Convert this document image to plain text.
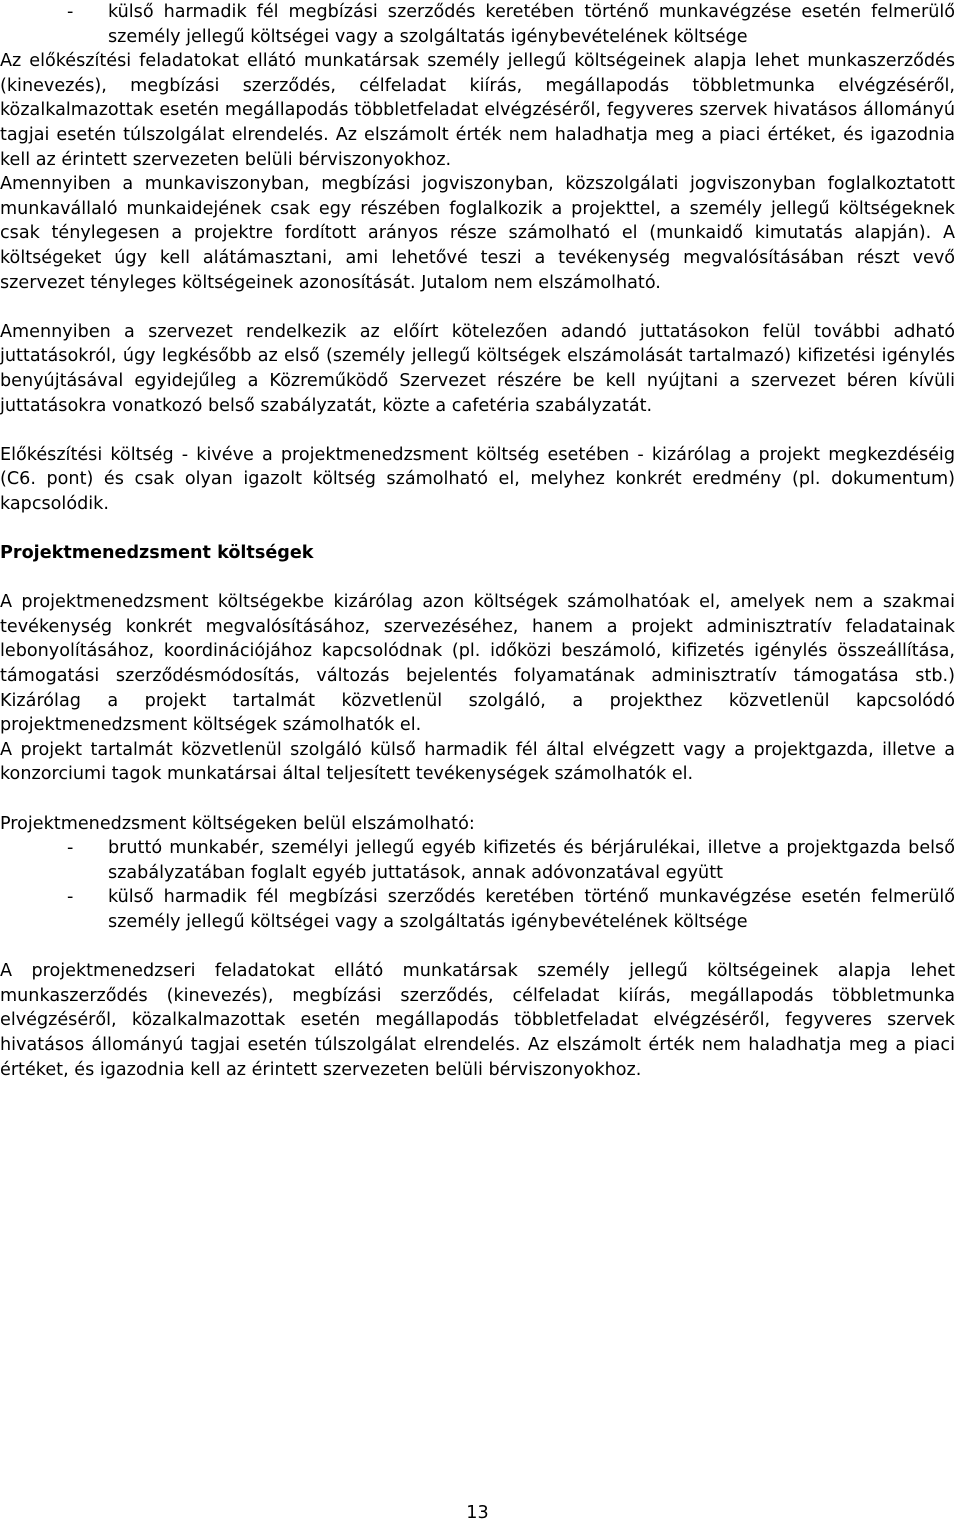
-	külső harmadik fél megbízási szerződés keretében történő munkavégzése esetén felmerülő személy jellegű költségei vagy a szolgáltatás igénybevételének költsége

Az előkészítési feladatokat ellátó munkatársak személy jellegű költségeinek alapja lehet munkaszerződés (kinevezés), megbízási szerződés, célfeladat kiírás, megállapodás többletmunka elvégzéséről, közalkalmazottak esetén megállapodás többletfeladat elvégzéséről, fegyveres szervek hivatásos állományú tagjai esetén túlszolgálat elrendelés. Az elszámolt érték nem haladhatja meg a piaci értéket, és igazodnia kell az érintett szervezeten belüli bérviszonyokhoz.

Amennyiben a munkaviszonyban, megbízási jogviszonyban, közszolgálati jogviszonyban foglalkoztatott munkavállaló munkaidejének csak egy részében foglalkozik a projekttel, a személy jellegű költségeknek csak ténylegesen a projektre fordított arányos része számolható el (munkaidő kimutatás alapján). A költségeket úgy kell alátámasztani, ami lehetővé teszi a tevékenység megvalósításában részt vevő szervezet tényleges költségeinek azonosítását. Jutalom nem elszámolható.

Amennyiben a szervezet rendelkezik az előírt kötelezően adandó juttatásokon felül további adható juttatásokról, úgy legkésőbb az első (személy jellegű költségek elszámolását tartalmazó) kifizetési igénylés benyújtásával egyidejűleg a Közreműködő Szervezet részére be kell nyújtani a szervezet béren kívüli juttatásokra vonatkozó belső szabályzatát, közte a cafetéria szabályzatát.

Előkészítési költség - kivéve a projektmenedzsment költség esetében - kizárólag a projekt megkezdéséig (C6. pont) és csak olyan igazolt költség számolható el, melyhez konkrét eredmény (pl. dokumentum) kapcsolódik.

Projektmenedzsment költségek

A projektmenedzsment költségekbe kizárólag azon költségek számolhatóak el, amelyek nem a szakmai tevékenység konkrét megvalósításához, szervezéséhez, hanem a projekt adminisztratív feladatainak lebonyolításához, koordinációjához kapcsolódnak (pl. időközi beszámoló, kifizetés igénylés összeállítása, támogatási szerződésmódosítás, változás bejelentés folyamatának adminisztratív támogatása stb.) Kizárólag a projekt tartalmát közvetlenül szolgáló, a projekthez közvetlenül kapcsolódó projektmenedzsment költségek számolhatók el.

A projekt tartalmát közvetlenül szolgáló külső harmadik fél által elvégzett vagy a projektgazda, illetve a konzorciumi tagok munkatársai által teljesített tevékenységek számolhatók el.

Projektmenedzsment költségeken belül elszámolható:

-	bruttó munkabér, személyi jellegű egyéb kifizetés és bérjárulékai, illetve a projektgazda belső szabályzatában foglalt egyéb juttatások, annak adóvonzatával együtt
-	külső harmadik fél megbízási szerződés keretében történő munkavégzése esetén felmerülő személy jellegű költségei vagy a szolgáltatás igénybevételének költsége

A projektmenedzseri feladatokat ellátó munkatársak személy jellegű költségeinek alapja lehet munkaszerződés (kinevezés), megbízási szerződés, célfeladat kiírás, megállapodás többletmunka elvégzéséről, közalkalmazottak esetén megállapodás többletfeladat elvégzéséről, fegyveres szervek hivatásos állományú tagjai esetén túlszolgálat elrendelés. Az elszámolt érték nem haladhatja meg a piaci értéket, és igazodnia kell az érintett szervezeten belüli bérviszonyokhoz.

13
